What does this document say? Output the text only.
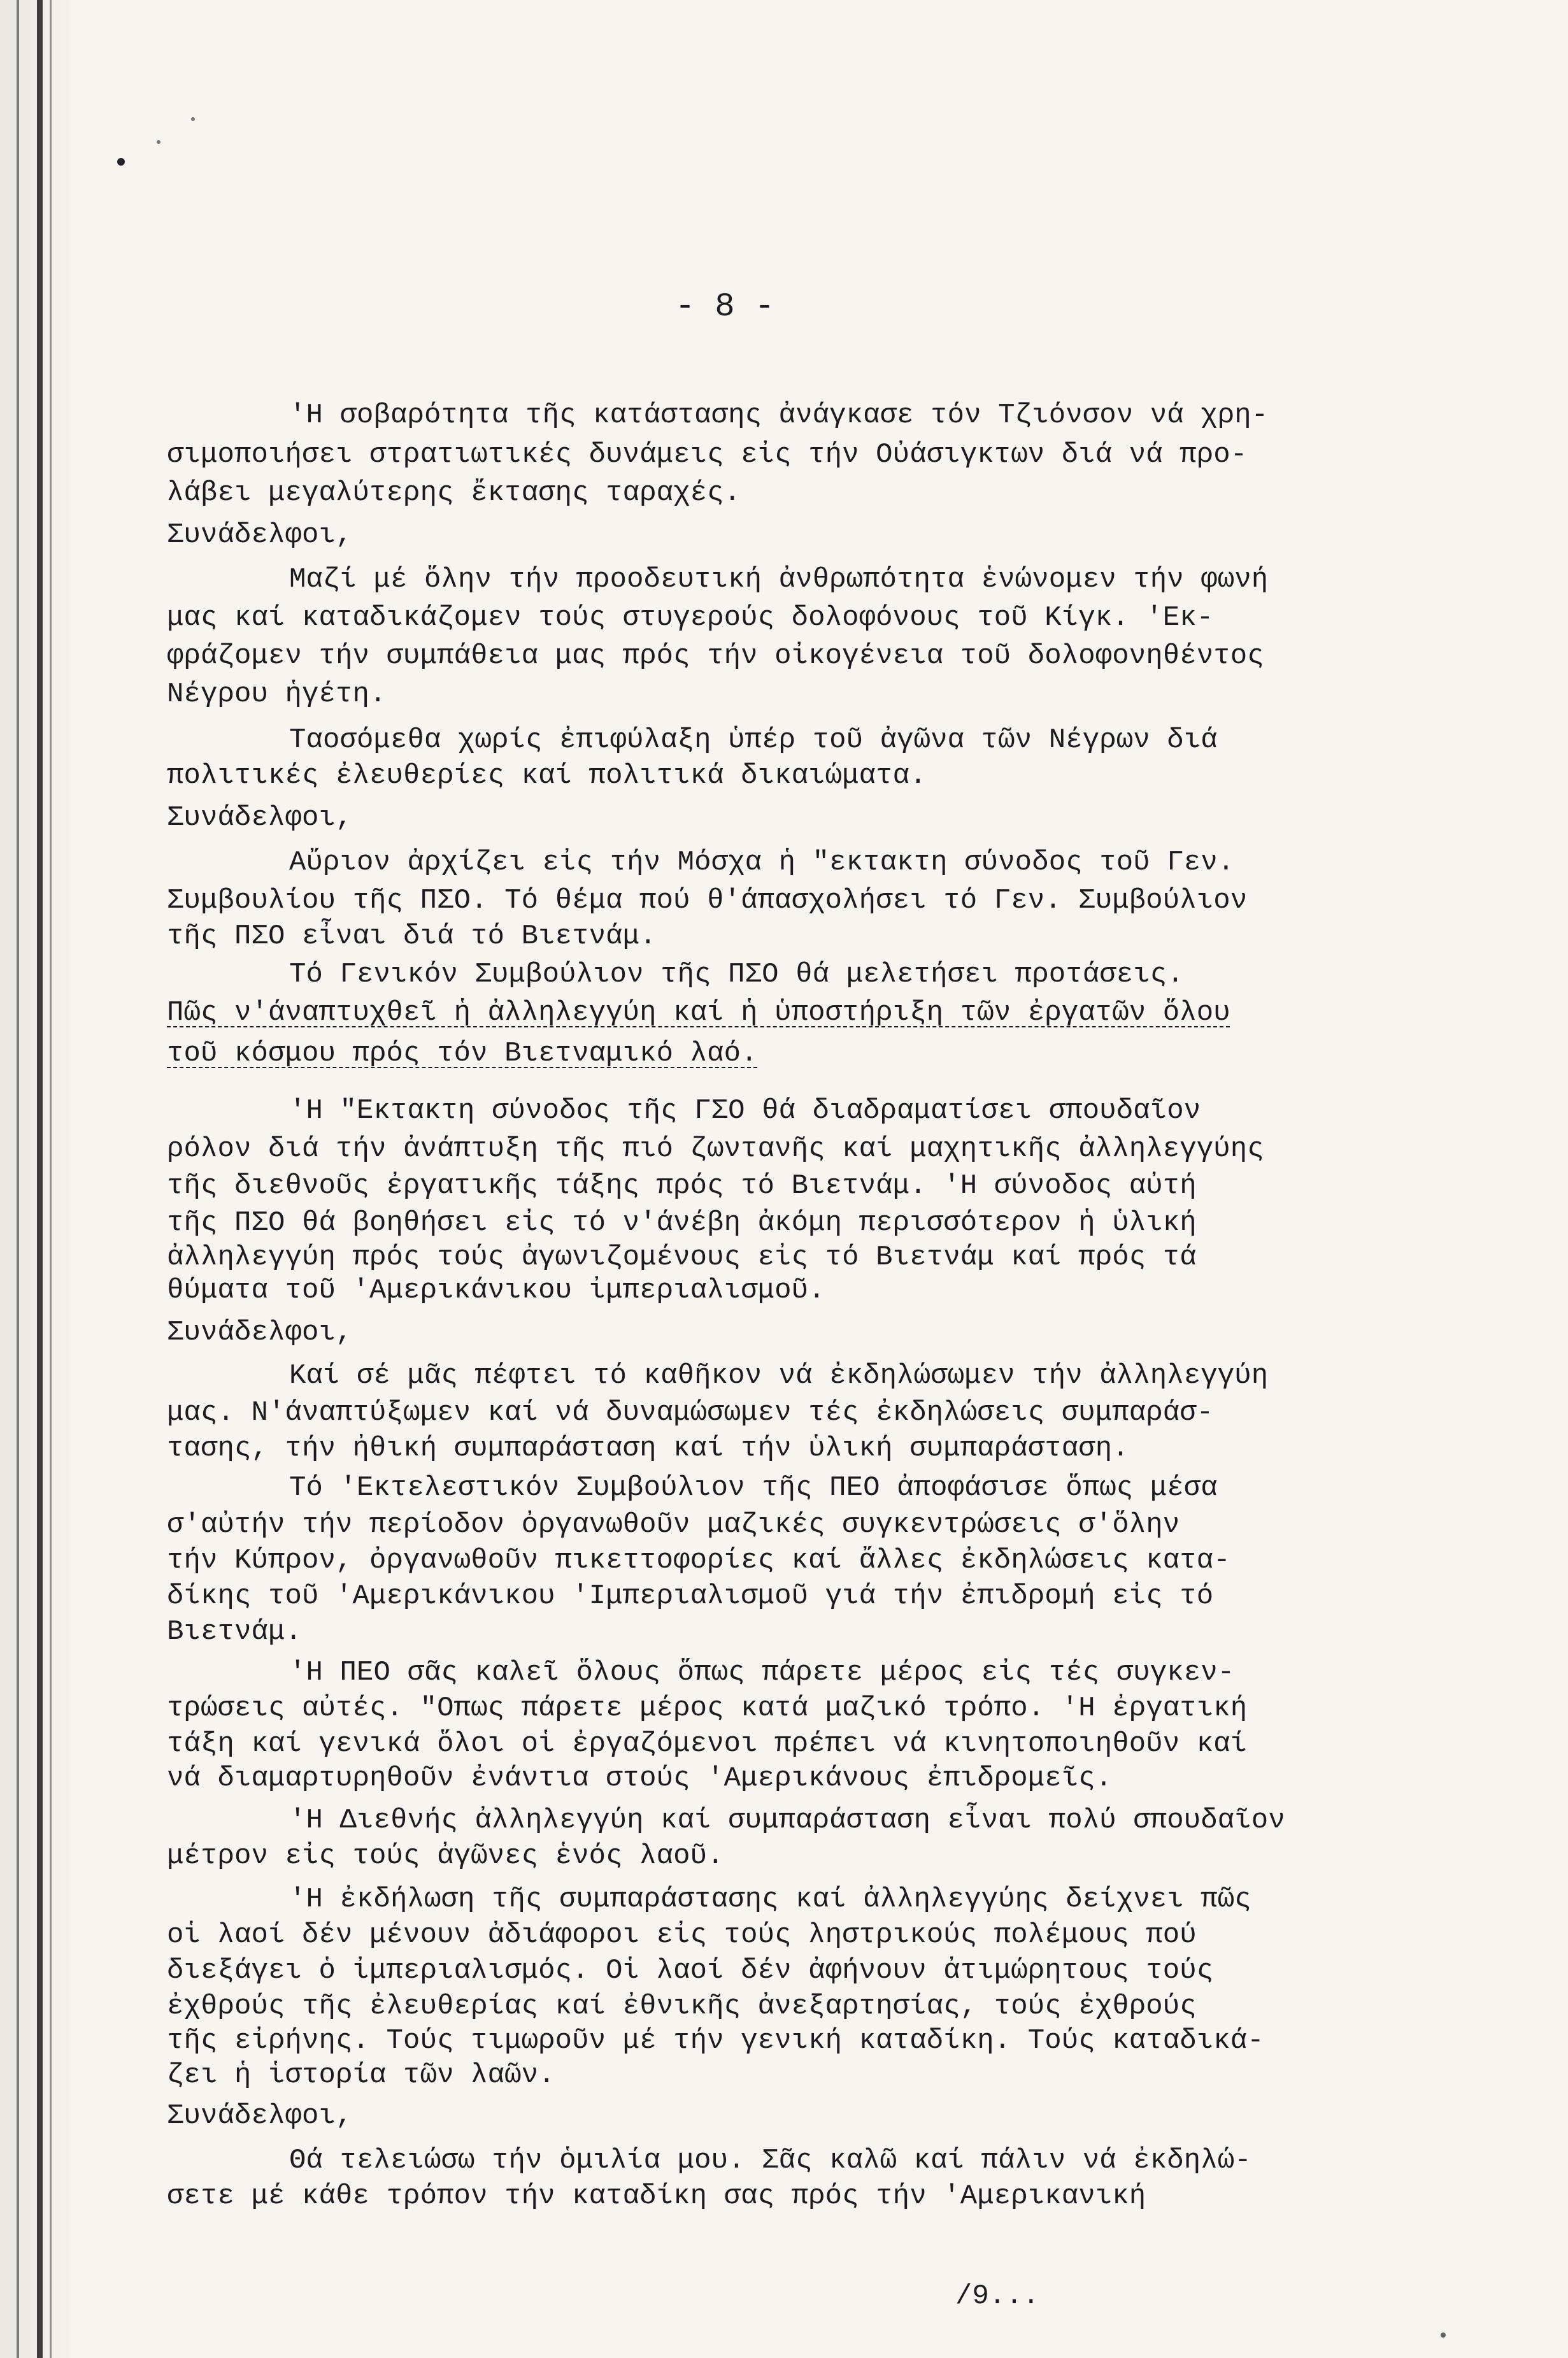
- 8 -
'Η σοβαρότητα τῆς κατάστασης ἀνάγκασε τόν Τζιόνσον νά χρη-
σιμοποιήσει στρατιωτικές δυνάμεις εἰς τήν Οὐάσιγκτων διά νά προ-
λάβει μεγαλύτερης ἔκτασης ταραχές.
Συνάδελφοι,
Μαζί μέ ὅλην τήν προοδευτική ἀνθρωπότητα ἑνώνομεν τήν φωνή
μας καί καταδικάζομεν τούς στυγερούς δολοφόνους τοῦ Κίγκ. 'Εκ-
φράζομεν τήν συμπάθεια μας πρός τήν οἰκογένεια τοῦ δολοφονηθέντος
Νέγρου ἡγέτη.
Ταοσόμεθα χωρίς ἐπιφύλαξη ὑπέρ τοῦ ἀγῶνα τῶν Νέγρων διά
πολιτικές ἐλευθερίες καί πολιτικά δικαιώματα.
Συνάδελφοι,
Αὔριον ἀρχίζει εἰς τήν Μόσχα ἡ "εκτακτη σύνοδος τοῦ Γεν.
Συμβουλίου τῆς ΠΣΟ. Τό θέμα πού θ'άπασχολήσει τό Γεν. Συμβούλιον
τῆς ΠΣΟ εἶναι διά τό Βιετνάμ.
Τό Γενικόν Συμβούλιον τῆς ΠΣΟ θά μελετήσει προτάσεις.
Πῶς ν'άναπτυχθεῖ ἡ ἀλληλεγγύη καί ἡ ὑποστήριξη τῶν ἐργατῶν ὅλου
τοῦ κόσμου πρός τόν Βιετναμικό λαό.
'Η "Εκτακτη σύνοδος τῆς ΓΣΟ θά διαδραματίσει σπουδαῖον
ρόλον διά τήν ἀνάπτυξη τῆς πιό ζωντανῆς καί μαχητικῆς ἀλληλεγγύης
τῆς διεθνοῦς ἐργατικῆς τάξης πρός τό Βιετνάμ. 'Η σύνοδος αὐτή
τῆς ΠΣΟ θά βοηθήσει εἰς τό ν'άνέβη ἀκόμη περισσότερον ἡ ὑλική
ἀλληλεγγύη πρός τούς ἀγωνιζομένους εἰς τό Βιετνάμ καί πρός τά
θύματα τοῦ 'Αμερικάνικου ἰμπεριαλισμοῦ.
Συνάδελφοι,
Καί σέ μᾶς πέφτει τό καθῆκον νά ἐκδηλώσωμεν τήν ἀλληλεγγύη
μας. Ν'άναπτύξωμεν καί νά δυναμώσωμεν τές ἐκδηλώσεις συμπαράσ-
τασης, τήν ἠθική συμπαράσταση καί τήν ὑλική συμπαράσταση.
Τό 'Εκτελεστικόν Συμβούλιον τῆς ΠΕΟ ἀποφάσισε ὅπως μέσα
σ'αὐτήν τήν περίοδον ὀργανωθοῦν μαζικές συγκεντρώσεις σ'ὅλην
τήν Κύπρον, ὀργανωθοῦν πικεττοφορίες καί ἄλλες ἐκδηλώσεις κατα-
δίκης τοῦ 'Αμερικάνικου 'Ιμπεριαλισμοῦ γιά τήν ἐπιδρομή εἰς τό
Βιετνάμ.
'Η ΠΕΟ σᾶς καλεῖ ὅλους ὅπως πάρετε μέρος εἰς τές συγκεν-
τρώσεις αὐτές. "Οπως πάρετε μέρος κατά μαζικό τρόπο. 'Η ἐργατική
τάξη καί γενικά ὅλοι οἱ ἐργαζόμενοι πρέπει νά κινητοποιηθοῦν καί
νά διαμαρτυρηθοῦν ἐνάντια στούς 'Αμερικάνους ἐπιδρομεῖς.
'Η Διεθνής ἀλληλεγγύη καί συμπαράσταση εἶναι πολύ σπουδαῖον
μέτρον εἰς τούς ἀγῶνες ἑνός λαοῦ.
'Η ἐκδήλωση τῆς συμπαράστασης καί ἀλληλεγγύης δείχνει πῶς
οἱ λαοί δέν μένουν ἀδιάφοροι εἰς τούς ληστρικούς πολέμους πού
διεξάγει ὁ ἰμπεριαλισμός. Οἱ λαοί δέν ἀφήνουν ἀτιμώρητους τούς
ἐχθρούς τῆς ἐλευθερίας καί ἐθνικῆς ἀνεξαρτησίας, τούς ἐχθρούς
τῆς εἰρήνης. Τούς τιμωροῦν μέ τήν γενική καταδίκη. Τούς καταδικά-
ζει ἡ ἱστορία τῶν λαῶν.
Συνάδελφοι,
Θά τελειώσω τήν ὁμιλία μου. Σᾶς καλῶ καί πάλιν νά ἐκδηλώ-
σετε μέ κάθε τρόπον τήν καταδίκη σας πρός τήν 'Αμερικανική
/9...
